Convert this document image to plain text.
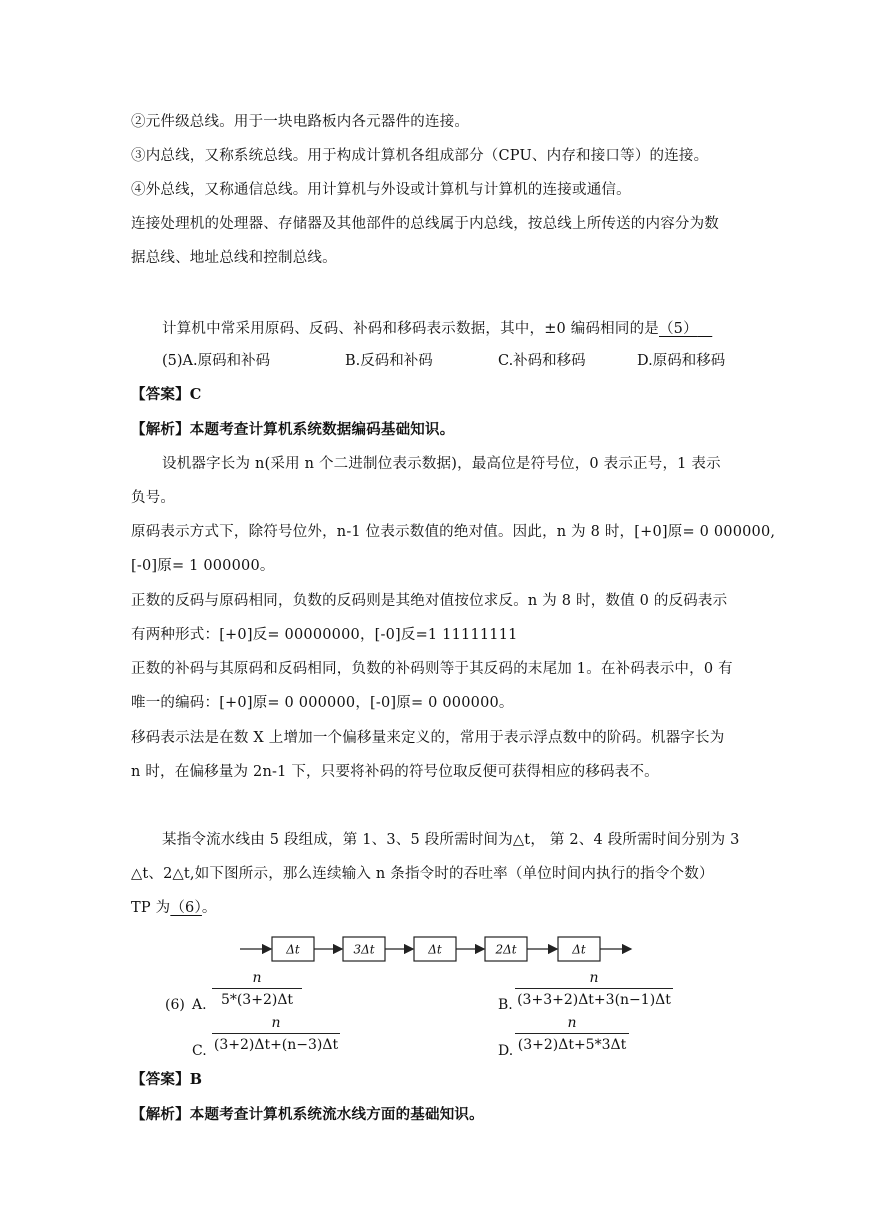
②元件级总线。用于一块电路板内各元器件的连接。
③内总线，又称系统总线。用于构成计算机各组成部分（CPU、内存和接口等）的连接。
④外总线，又称通信总线。用计算机与外设或计算机与计算机的连接或通信。
连接处理机的处理器、存储器及其他部件的总线属于内总线，按总线上所传送的内容分为数
据总线、地址总线和控制总线。
计算机中常采用原码、反码、补码和移码表示数据，其中，±0 编码相同的是（5）
(5)A.原码和补码	B.反码和补码	C.补码和移码	D.原码和移码
【答案】C
【解析】本题考查计算机系统数据编码基础知识。
设机器字长为 n(采用 n 个二进制位表示数据)，最高位是符号位，0 表示正号，1 表示
负号。
原码表示方式下，除符号位外，n-1 位表示数值的绝对值。因此，n 为 8 时，[+0]原= 0 000000,
[-0]原= 1 000000。
正数的反码与原码相同，负数的反码则是其绝对值按位求反。n 为 8 时，数值 0 的反码表示
有两种形式：[+0]反= 00000000，[-0]反=1 11111111
正数的补码与其原码和反码相同，负数的补码则等于其反码的末尾加 1。在补码表示中，0 有
唯一的编码：[+0]原= 0 000000，[-0]原= 0 000000。
移码表示法是在数 X 上增加一个偏移量来定义的，常用于表示浮点数中的阶码。机器字长为
n 时，在偏移量为 2n-1 下，只要将补码的符号位取反便可获得相应的移码表不。
某指令流水线由 5 段组成，第 1、3、5 段所需时间为△t， 第 2、4 段所需时间分别为 3
△t、2△t,如下图所示，那么连续输入 n 条指令时的吞吐率（单位时间内执行的指令个数）
TP 为（6）。
Δt	3Δt	Δt	2Δt	Δt
(6) A.
n
5*(3+2)Δt	B.
n
(3+3+2)Δt+3(n−1)Δt
C.
n
(3+2)Δt+(n−3)Δt	D.
n
(3+2)Δt+5*3Δt
【答案】B
【解析】本题考查计算机系统流水线方面的基础知识。
